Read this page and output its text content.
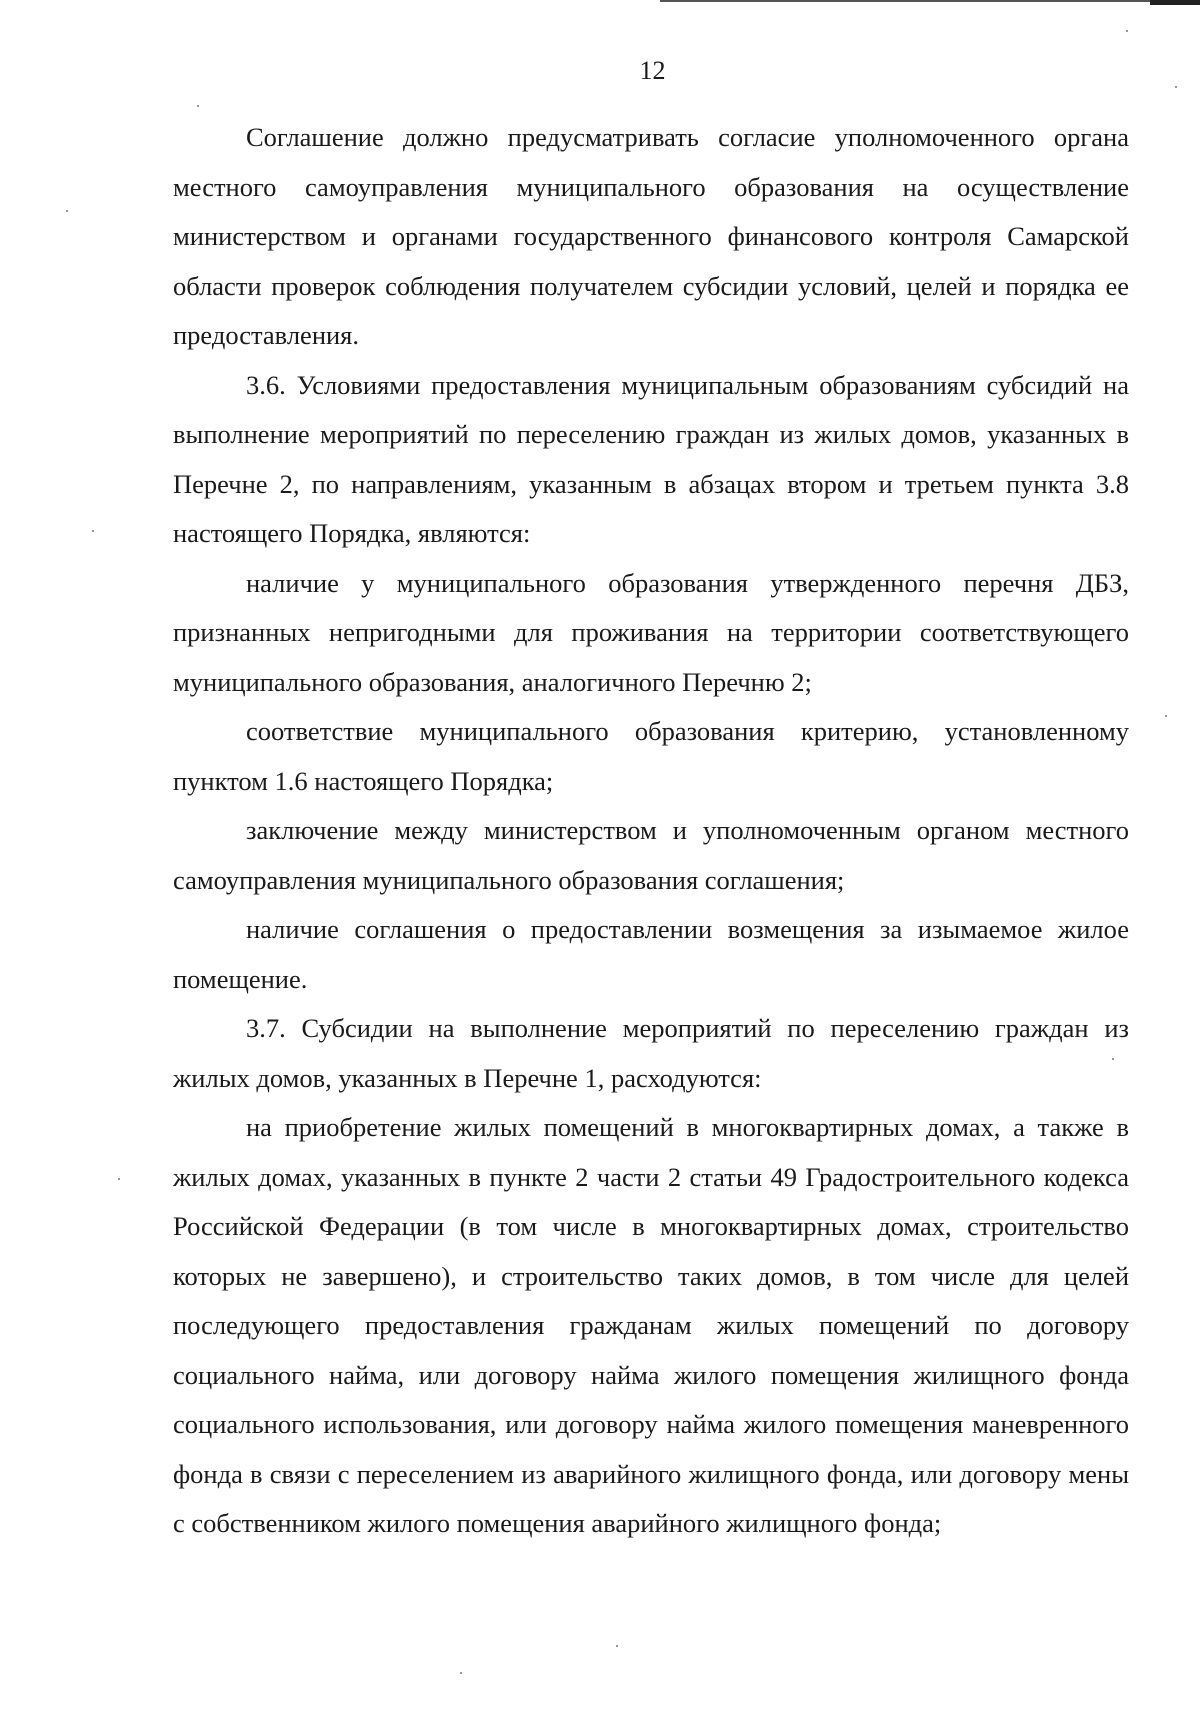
12

Соглашение должно предусматривать согласие уполномоченного органа местного самоуправления муниципального образования на осуществление министерством и органами государственного финансового контроля Самарской области проверок соблюдения получателем субсидии условий, целей и порядка ее предоставления.

3.6. Условиями предоставления муниципальным образованиям субсидий на выполнение мероприятий по переселению граждан из жилых домов, указанных в Перечне 2, по направлениям, указанным в абзацах втором и третьем пункта 3.8 настоящего Порядка, являются:

наличие у муниципального образования утвержденного перечня ДБЗ, признанных непригодными для проживания на территории соответствующего муниципального образования, аналогичного Перечню 2;

соответствие муниципального образования критерию, установленному пунктом 1.6 настоящего Порядка;

заключение между министерством и уполномоченным органом местного самоуправления муниципального образования соглашения;

наличие соглашения о предоставлении возмещения за изымаемое жилое помещение.

3.7. Субсидии на выполнение мероприятий по переселению граждан из жилых домов, указанных в Перечне 1, расходуются:

на приобретение жилых помещений в многоквартирных домах, а также в жилых домах, указанных в пункте 2 части 2 статьи 49 Градостроительного кодекса Российской Федерации (в том числе в многоквартирных домах, строительство которых не завершено), и строительство таких домов, в том числе для целей последующего предоставления гражданам жилых помещений по договору социального найма, или договору найма жилого помещения жилищного фонда социального использования, или договору найма жилого помещения маневренного фонда в связи с переселением из аварийного жилищного фонда, или договору мены с собственником жилого помещения аварийного жилищного фонда;
